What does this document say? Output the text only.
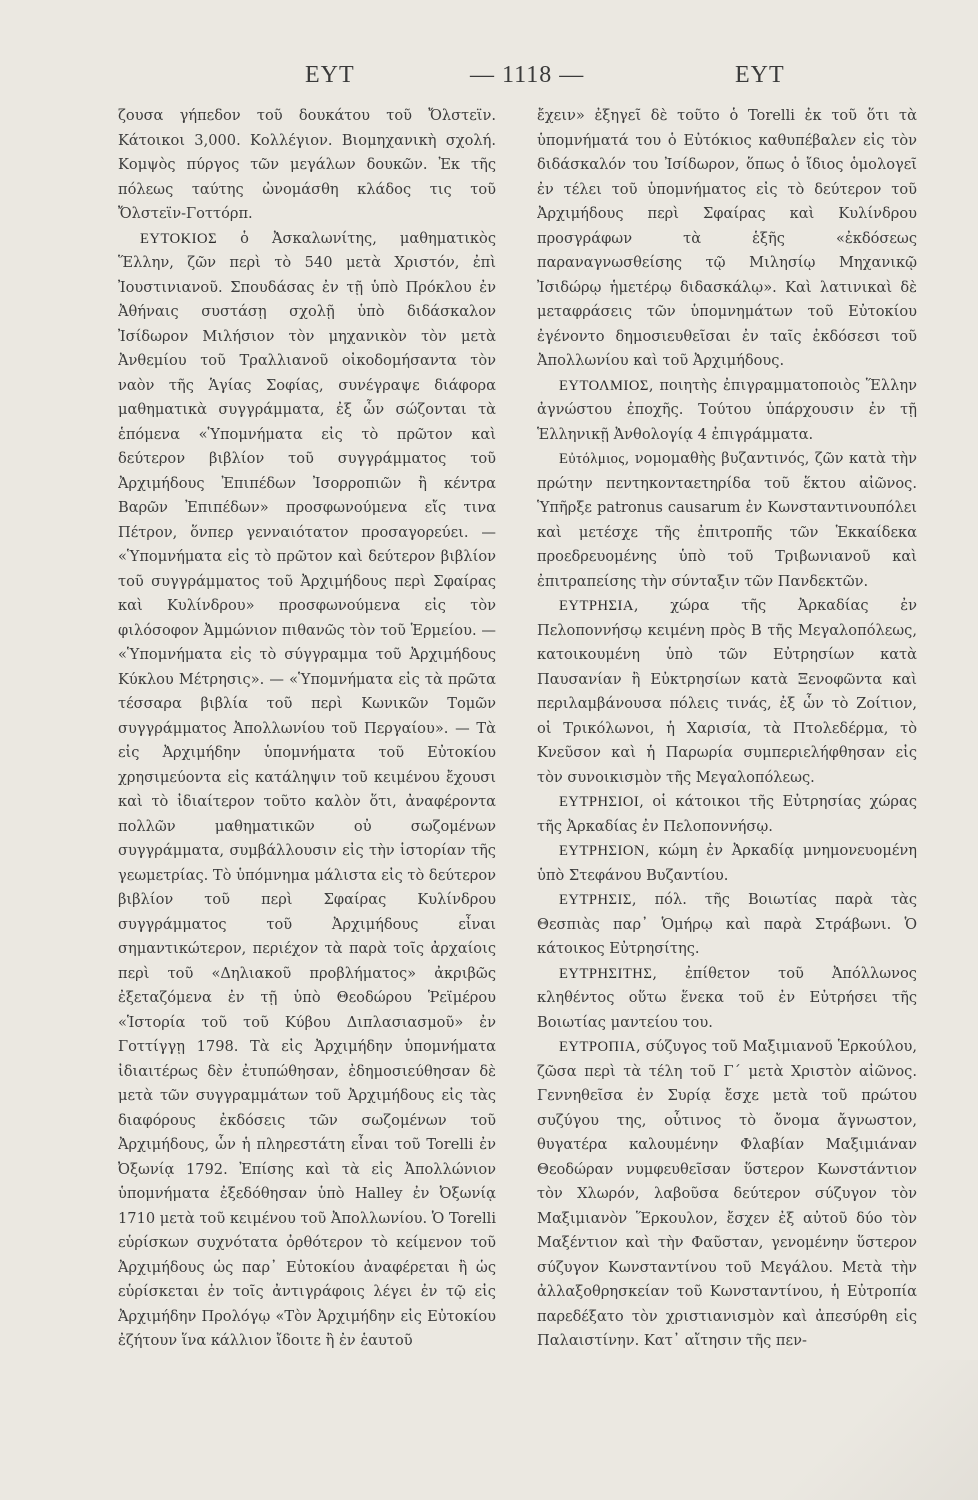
ΕΥΤ	— 1118 —	ΕΥΤ

ζουσα γήπεδον τοῦ δουκάτου τοῦ Ὄλστεϊν. Κάτοικοι 3,000. Κολλέγιον. Βιομηχανικὴ σχολή. Κομψὸς πύργος τῶν μεγάλων δουκῶν. Ἐκ τῆς πόλεως ταύτης ὠνομάσθη κλάδος τις τοῦ Ὄλστεϊν-Γοττόρπ.

ΕΥΤΟΚΙΟΣ ὁ Ἀσκαλωνίτης, μαθηματικὸς Ἕλλην, ζῶν περὶ τὸ 540 μετὰ Χριστόν, ἐπὶ Ἰουστινιανοῦ. Σπουδάσας ἐν τῇ ὑπὸ Πρόκλου ἐν Ἀθήναις συστάσῃ σχολῇ ὑπὸ διδάσκαλον Ἰσίδωρον Μιλήσιον τὸν μηχανικὸν τὸν μετὰ Ἀνθεμίου τοῦ Τραλλιανοῦ οἰκοδομήσαντα τὸν ναὸν τῆς Ἁγίας Σοφίας, συνέγραψε διάφορα μαθηματικὰ συγγράμματα, ἐξ ὧν σώζονται τὰ ἑπόμενα «Ὑπομνήματα εἰς τὸ πρῶτον καὶ δεύτερον βιβλίον τοῦ συγγράμματος τοῦ Ἀρχιμήδους Ἐπιπέδων Ἰσορροπιῶν ἢ κέντρα Βαρῶν Ἐπιπέδων» προσφωνούμενα εἴς τινα Πέτρον, ὅνπερ γενναιότατον προσαγορεύει. — «Ὑπομνήματα εἰς τὸ πρῶτον καὶ δεύτερον βιβλίον τοῦ συγγράμματος τοῦ Ἀρχιμήδους περὶ Σφαίρας καὶ Κυλίνδρου» προσφωνούμενα εἰς τὸν φιλόσοφον Ἀμμώνιον πιθανῶς τὸν τοῦ Ἑρμείου. — «Ὑπομνήματα εἰς τὸ σύγγραμμα τοῦ Ἀρχιμήδους Κύκλου Μέτρησις». — «Ὑπομνήματα εἰς τὰ πρῶτα τέσσαρα βιβλία τοῦ περὶ Κωνικῶν Τομῶν συγγράμματος Ἀπολλωνίου τοῦ Περγαίου». — Τὰ εἰς Ἀρχιμήδην ὑπομνήματα τοῦ Εὐτοκίου χρησιμεύοντα εἰς κατάληψιν τοῦ κειμένου ἔχουσι καὶ τὸ ἰδιαίτερον τοῦτο καλὸν ὅτι, ἀναφέροντα πολλῶν μαθηματικῶν οὐ σωζομένων συγγράμματα, συμβάλλουσιν εἰς τὴν ἱστορίαν τῆς γεωμετρίας. Τὸ ὑπόμνημα μάλιστα εἰς τὸ δεύτερον βιβλίον τοῦ περὶ Σφαίρας Κυλίνδρου συγγράμματος τοῦ Ἀρχιμήδους εἶναι σημαντικώτερον, περιέχον τὰ παρὰ τοῖς ἀρχαίοις περὶ τοῦ «Δηλιακοῦ προβλήματος» ἀκριβῶς ἐξεταζόμενα ἐν τῇ ὑπὸ Θεοδώρου Ῥεϊμέρου «Ἱστορία τοῦ τοῦ Κύβου Διπλασιασμοῦ» ἐν Γοττίγγῃ 1798. Τὰ εἰς Ἀρχιμήδην ὑπομνήματα ἰδιαιτέρως δὲν ἐτυπώθησαν, ἐδημοσιεύθησαν δὲ μετὰ τῶν συγγραμμάτων τοῦ Ἀρχιμήδους εἰς τὰς διαφόρους ἐκδόσεις τῶν σωζομένων τοῦ Ἀρχιμήδους, ὧν ἡ πληρεστάτη εἶναι τοῦ Torelli ἐν Ὀξωνίᾳ 1792. Ἐπίσης καὶ τὰ εἰς Ἀπολλώνιον ὑπομνήματα ἐξεδόθησαν ὑπὸ Halley ἐν Ὀξωνίᾳ 1710 μετὰ τοῦ κειμένου τοῦ Ἀπολλωνίου. Ὁ Torelli εὑρίσκων συχνότατα ὀρθότερον τὸ κείμενον τοῦ Ἀρχιμήδους ὡς παρ᾽ Εὐτοκίου ἀναφέρεται ἢ ὡς εὑρίσκεται ἐν τοῖς ἀντιγράφοις λέγει ἐν τῷ εἰς Ἀρχιμήδην Προλόγῳ «Τὸν Ἀρχιμήδην εἰς Εὐτοκίου ἐζήτουν ἵνα κάλλιον ἴδοιτε ἢ ἐν ἑαυτοῦ

ἔχειν» ἐξηγεῖ δὲ τοῦτο ὁ Torelli ἐκ τοῦ ὅτι τὰ ὑπομνήματά του ὁ Εὐτόκιος καθυπέβαλεν εἰς τὸν διδάσκαλόν του Ἰσίδωρον, ὅπως ὁ ἴδιος ὁμολογεῖ ἐν τέλει τοῦ ὑπομνήματος εἰς τὸ δεύτερον τοῦ Ἀρχιμήδους περὶ Σφαίρας καὶ Κυλίνδρου προσγράφων τὰ ἑξῆς «ἐκδόσεως παραναγνωσθείσης τῷ Μιλησίῳ Μηχανικῷ Ἰσιδώρῳ ἡμετέρῳ διδασκάλῳ». Καὶ λατινικαὶ δὲ μεταφράσεις τῶν ὑπομνημάτων τοῦ Εὐτοκίου ἐγένοντο δημοσιευθεῖσαι ἐν ταῖς ἐκδόσεσι τοῦ Ἀπολλωνίου καὶ τοῦ Ἀρχιμήδους.

ΕΥΤΟΛΜΙΟΣ, ποιητὴς ἐπιγραμματοποιὸς Ἕλλην ἀγνώστου ἐποχῆς. Τούτου ὑπάρχουσιν ἐν τῇ Ἑλληνικῇ Ἀνθολογίᾳ 4 ἐπιγράμματα.

Εὐτόλμιος, νομομαθὴς βυζαντινός, ζῶν κατὰ τὴν πρώτην πεντηκονταετηρίδα τοῦ ἕκτου αἰῶνος. Ὑπῆρξε patronus causarum ἐν Κωνσταντινουπόλει καὶ μετέσχε τῆς ἐπιτροπῆς τῶν Ἑκκαίδεκα προεδρευομένης ὑπὸ τοῦ Τριβωνιανοῦ καὶ ἐπιτραπείσης τὴν σύνταξιν τῶν Πανδεκτῶν.

ΕΥΤΡΗΣΙΑ, χώρα τῆς Ἀρκαδίας ἐν Πελοποννήσῳ κειμένη πρὸς Β τῆς Μεγαλοπόλεως, κατοικουμένη ὑπὸ τῶν Εὐτρησίων κατὰ Παυσανίαν ἢ Εὐκτρησίων κατὰ Ξενοφῶντα καὶ περιλαμβάνουσα πόλεις τινάς, ἐξ ὧν τὸ Ζοίτιον, οἱ Τρικόλωνοι, ἡ Χαρισία, τὰ Πτολεδέρμα, τὸ Κνεῦσον καὶ ἡ Παρωρία συμπεριελήφθησαν εἰς τὸν συνοικισμὸν τῆς Μεγαλοπόλεως.

ΕΥΤΡΗΣΙΟΙ, οἱ κάτοικοι τῆς Εὐτρησίας χώρας τῆς Ἀρκαδίας ἐν Πελοποννήσῳ.

ΕΥΤΡΗΣΙΟΝ, κώμη ἐν Ἀρκαδίᾳ μνημονευομένη ὑπὸ Στεφάνου Βυζαντίου.

ΕΥΤΡΗΣΙΣ, πόλ. τῆς Βοιωτίας παρὰ τὰς Θεσπιὰς παρ᾽ Ὁμήρῳ καὶ παρὰ Στράβωνι. Ὁ κάτοικος Εὐτρησίτης.

ΕΥΤΡΗΣΙΤΗΣ, ἐπίθετον τοῦ Ἀπόλλωνος κληθέντος οὕτω ἕνεκα τοῦ ἐν Εὐτρήσει τῆς Βοιωτίας μαντείου του.

ΕΥΤΡΟΠΙΑ, σύζυγος τοῦ Μαξιμιανοῦ Ἑρκούλου, ζῶσα περὶ τὰ τέλη τοῦ Γ΄ μετὰ Χριστὸν αἰῶνος. Γεννηθεῖσα ἐν Συρίᾳ ἔσχε μετὰ τοῦ πρώτου συζύγου της, οὗτινος τὸ ὄνομα ἄγνωστον, θυγατέρα καλουμένην Φλαβίαν Μαξιμιάναν Θεοδώραν νυμφευθεῖσαν ὕστερον Κωνστάντιον τὸν Χλωρόν, λαβοῦσα δεύτερον σύζυγον τὸν Μαξιμιανὸν Ἕρκουλον, ἔσχεν ἐξ αὐτοῦ δύο τὸν Μαξέντιον καὶ τὴν Φαῦσταν, γενομένην ὕστερον σύζυγον Κωνσταντίνου τοῦ Μεγάλου. Μετὰ τὴν ἀλλαξοθρησκείαν τοῦ Κωνσταντίνου, ἡ Εὐτροπία παρεδέξατο τὸν χριστιανισμὸν καὶ ἀπεσύρθη εἰς Παλαιστίνην. Κατ᾽ αἴτησιν τῆς πεν-
